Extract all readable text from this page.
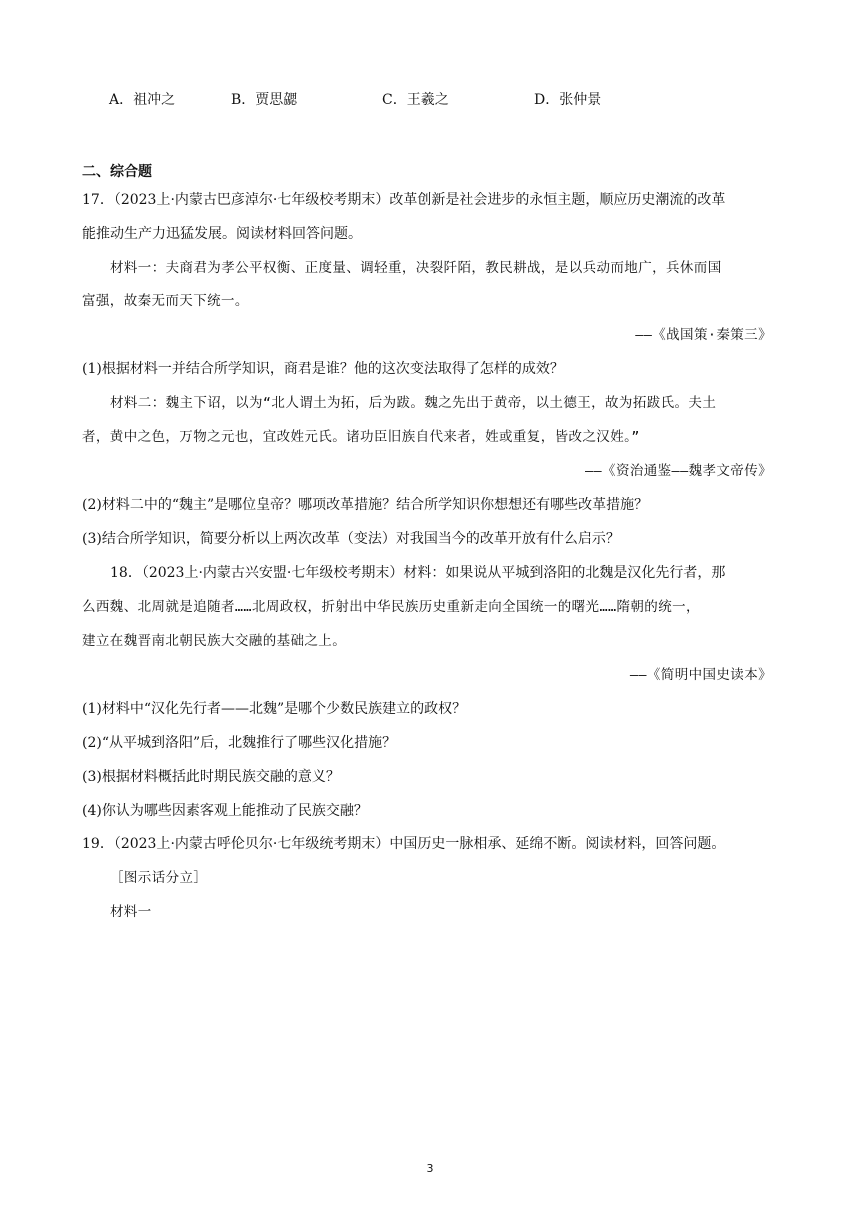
A．祖冲之	B．贾思勰	C．王羲之	D．张仲景
二、综合题
17．（2023上·内蒙古巴彦淖尔·七年级校考期末）改革创新是社会进步的永恒主题，顺应历史潮流的改革
能推动生产力迅猛发展。阅读材料回答问题。
材料一：夫商君为孝公平权衡、正度量、调轻重，决裂阡陌，教民耕战，是以兵动而地广，兵休而国
富强，故秦无而天下统一。
——《战国策·秦策三》
(1)根据材料一并结合所学知识，商君是谁？他的这次变法取得了怎样的成效？
材料二：魏主下诏，以为“北人谓土为拓，后为跋。魏之先出于黄帝，以土德王，故为拓跋氏。夫土
者，黄中之色，万物之元也，宜改姓元氏。诸功臣旧族自代来者，姓或重复，皆改之汉姓。”
——《资治通鉴——魏孝文帝传》
(2)材料二中的“魏主”是哪位皇帝？哪项改革措施？结合所学知识你想想还有哪些改革措施？
(3)结合所学知识，简要分析以上两次改革（变法）对我国当今的改革开放有什么启示？
18．（2023上·内蒙古兴安盟·七年级校考期末）材料：如果说从平城到洛阳的北魏是汉化先行者，那
么西魏、北周就是追随者……北周政权，折射出中华民族历史重新走向全国统一的曙光……隋朝的统一，
建立在魏晋南北朝民族大交融的基础之上。
——《简明中国史读本》
(1)材料中“汉化先行者——北魏”是哪个少数民族建立的政权？
(2)“从平城到洛阳”后，北魏推行了哪些汉化措施？
(3)根据材料概括此时期民族交融的意义？
(4)你认为哪些因素客观上能推动了民族交融？
19．（2023上·内蒙古呼伦贝尔·七年级统考期末）中国历史一脉相承、延绵不断。阅读材料，回答问题。
［图示话分立］
材料一
3
